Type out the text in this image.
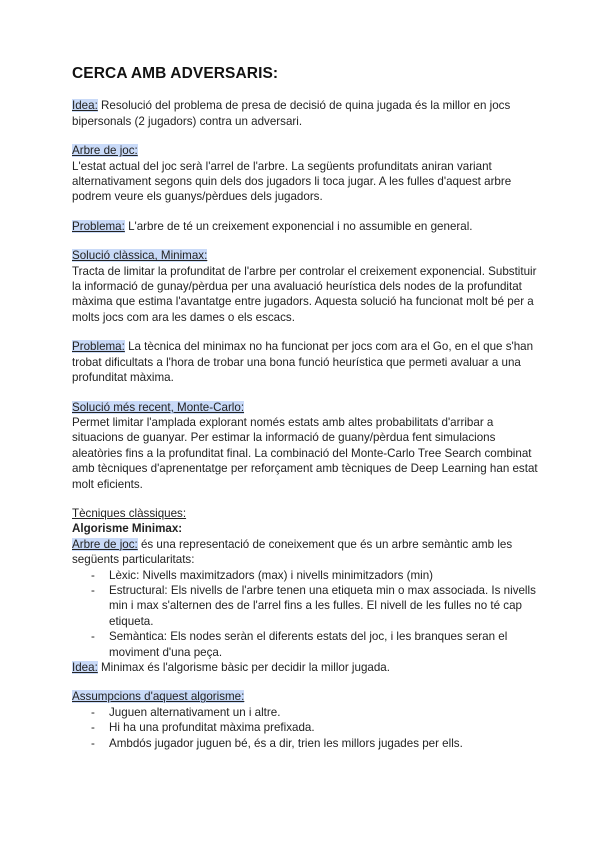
CERCA AMB ADVERSARIS:

Idea: Resolució del problema de presa de decisió de quina jugada és la millor en jocs bipersonals (2 jugadors) contra un adversari.

Arbre de joc:

L'estat actual del joc serà l'arrel de l'arbre. La següents profunditats aniran variant alternativament segons quin dels dos jugadors li toca jugar. A les fulles d'aquest arbre podrem veure els guanys/pèrdues dels jugadors.

Problema: L'arbre de té un creixement exponencial i no assumible en general.

Solució clàssica, Minimax:

Tracta de limitar la profunditat de l'arbre per controlar el creixement exponencial. Substituir la informació de gunay/pèrdua per una avaluació heurística dels nodes de la profunditat màxima que estima l'avantatge entre jugadors. Aquesta solució ha funcionat molt bé per a molts jocs com ara les dames o els escacs.

Problema: La tècnica del minimax no ha funcionat per jocs com ara el Go, en el que s'han trobat dificultats a l'hora de trobar una bona funció heurística que permeti avaluar a una profunditat màxima.

Solució més recent, Monte-Carlo:

Permet limitar l'amplada explorant només estats amb altes probabilitats d'arribar a situacions de guanyar. Per estimar la informació de guany/pèrdua fent simulacions aleatòries fins a la profunditat final. La combinació del Monte-Carlo Tree Search combinat amb tècniques d'aprenentatge per reforçament amb tècniques de Deep Learning han estat molt eficients.

Tècniques clàssiques:

Algorisme Minimax:

Arbre de joc: és una representació de coneixement que és un arbre semàntic amb les següents particularitats:

- Lèxic: Nivells maximitzadors (max) i nivells minimitzadors (min)
- Estructural: Els nivells de l'arbre tenen una etiqueta min o max associada. Is nivells min i max s'alternen des de l'arrel fins a les fulles. El nivell de les fulles no té cap etiqueta.
- Semàntica: Els nodes seràn el diferents estats del joc, i les branques seran el moviment d'una peça.

Idea: Minimax és l'algorisme bàsic per decidir la millor jugada.

Assumpcions d'aquest algorisme:

- Juguen alternativament un i altre.
- Hi ha una profunditat màxima prefixada.
- Ambdós jugador juguen bé, és a dir, trien les millors jugades per ells.
